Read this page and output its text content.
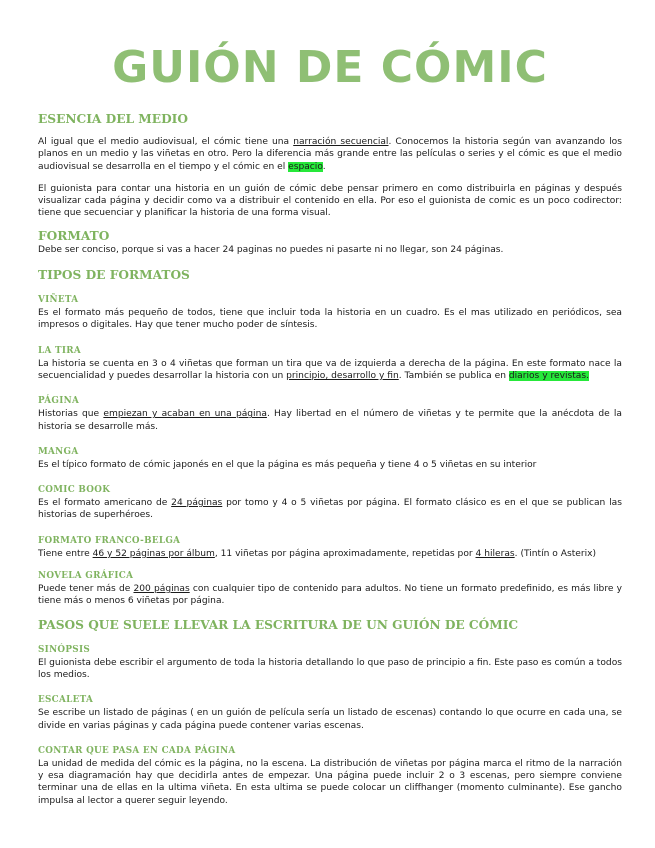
GUIÓN DE CÓMIC
ESENCIA DEL MEDIO

Al igual que el medio audiovisual, el cómic tiene una narración secuencial. Conocemos la historia según van avanzando los planos en un medio y las viñetas en otro. Pero la diferencia más grande entre las películas o series y el cómic es que el medio audiovisual se desarrolla en el tiempo y el cómic en el espacio.

El guionista para contar una historia en un guión de cómic debe pensar primero en como distribuirla en páginas y después visualizar cada página y decidir como va a distribuir el contenido en ella. Por eso el guionista de comic es un poco codirector: tiene que secuenciar y planificar la historia de una forma visual.

FORMATO

Debe ser conciso, porque si vas a hacer 24 paginas no puedes ni pasarte ni no llegar, son 24 páginas.

TIPOS DE FORMATOS
VIÑETA

Es el formato más pequeño de todos, tiene que incluir toda la historia en un cuadro. Es el mas utilizado en periódicos, sea impresos o digitales. Hay que tener mucho poder de síntesis.

LA TIRA

La historia se cuenta en 3 o 4 viñetas que forman un tira que va de izquierda a derecha de la página. En este formato nace la secuencialidad y puedes desarrollar la historia con un principio, desarrollo y fin. También se publica en diarios y revistas.

PÁGINA

Historias que empiezan y acaban en una página. Hay libertad en el número de viñetas y te permite que la anécdota de la historia se desarrolle más.

MANGA

Es el típico formato de cómic japonés en el que la página es más pequeña y tiene 4 o 5 viñetas en su interior

COMIC BOOK

Es el formato americano de 24 páginas por tomo y 4 o 5 viñetas por página. El formato clásico es en el que se publican las historias de superhéroes.

FORMATO FRANCO-BELGA

Tiene entre 46 y 52 páginas por álbum, 11 viñetas por página aproximadamente, repetidas por 4 hileras. (Tintín o Asterix)

NOVELA GRÁFICA

Puede tener más de 200 páginas con cualquier tipo de contenido para adultos. No tiene un formato predefinido, es más libre y tiene más o menos 6 viñetas por página.

PASOS QUE SUELE LLEVAR LA ESCRITURA DE UN GUIÓN DE CÓMIC
SINÓPSIS

El guionista debe escribir el argumento de toda la historia detallando lo que paso de principio a fin. Este paso es común a todos los medios.

ESCALETA

Se escribe un listado de páginas ( en un guión de película sería un listado de escenas) contando lo que ocurre en cada una, se divide en varias páginas y cada página puede contener varias escenas.

CONTAR QUE PASA EN CADA PÁGINA

La unidad de medida del cómic es la página, no la escena. La distribución de viñetas por página marca el ritmo de la narración y esa diagramación hay que decidirla antes de empezar. Una página puede incluir 2 o 3 escenas, pero siempre conviene terminar una de ellas en la ultima viñeta. En esta ultima se puede colocar un cliffhanger (momento culminante). Ese gancho impulsa al lector a querer seguir leyendo.
